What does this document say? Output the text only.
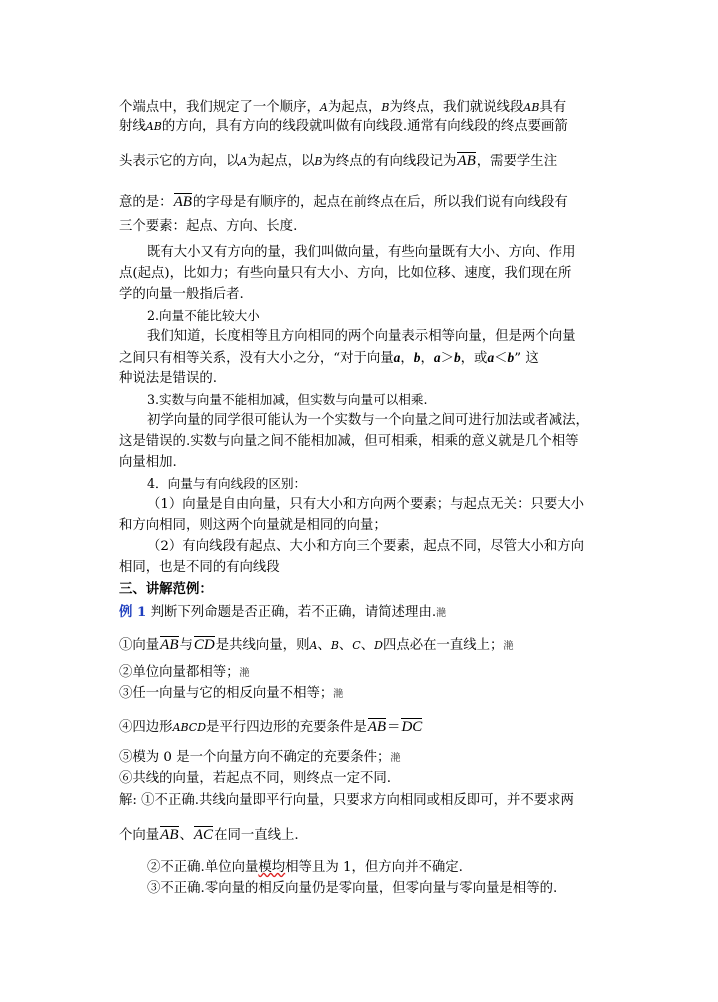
个端点中，我们规定了一个顺序，A为起点，B为终点，我们就说线段AB具有
射线AB的方向，具有方向的线段就叫做有向线段.通常有向线段的终点要画箭
头表示它的方向，以A为起点，以B为终点的有向线段记为AB，需要学生注
意的是：AB的字母是有顺序的，起点在前终点在后，所以我们说有向线段有
三个要素：起点、方向、长度.
既有大小又有方向的量，我们叫做向量，有些向量既有大小、方向、作用
点(起点)，比如力；有些向量只有大小、方向，比如位移、速度，我们现在所
学的向量一般指后者.
2.向量不能比较大小
我们知道，长度相等且方向相同的两个向量表示相等向量，但是两个向量
之间只有相等关系，没有大小之分，“对于向量a，b，a＞b，或a＜b” 这
种说法是错误的.
3.实数与向量不能相加减，但实数与向量可以相乘.
初学向量的同学很可能认为一个实数与一个向量之间可进行加法或者减法，
这是错误的.实数与向量之间不能相加减，但可相乘，相乘的意义就是几个相等
向量相加.
4．向量与有向线段的区别：
（1）向量是自由向量，只有大小和方向两个要素；与起点无关：只要大小
和方向相同，则这两个向量就是相同的向量；
（2）有向线段有起点、大小和方向三个要素，起点不同，尽管大小和方向
相同，也是不同的有向线段
三、讲解范例：
例 1 判断下列命题是否正确，若不正确，请简述理由.滟
①向量AB与CD是共线向量，则A、B、C、D四点必在一直线上；滟
②单位向量都相等；滟
③任一向量与它的相反向量不相等；滟
④四边形ABCD是平行四边形的充要条件是AB＝DC
⑤模为 0 是一个向量方向不确定的充要条件；滟
⑥共线的向量，若起点不同，则终点一定不同.
解: ①不正确.共线向量即平行向量，只要求方向相同或相反即可，并不要求两
个向量AB、AC在同一直线上.
②不正确.单位向量模均相等且为 1，但方向并不确定.
③不正确.零向量的相反向量仍是零向量，但零向量与零向量是相等的.
